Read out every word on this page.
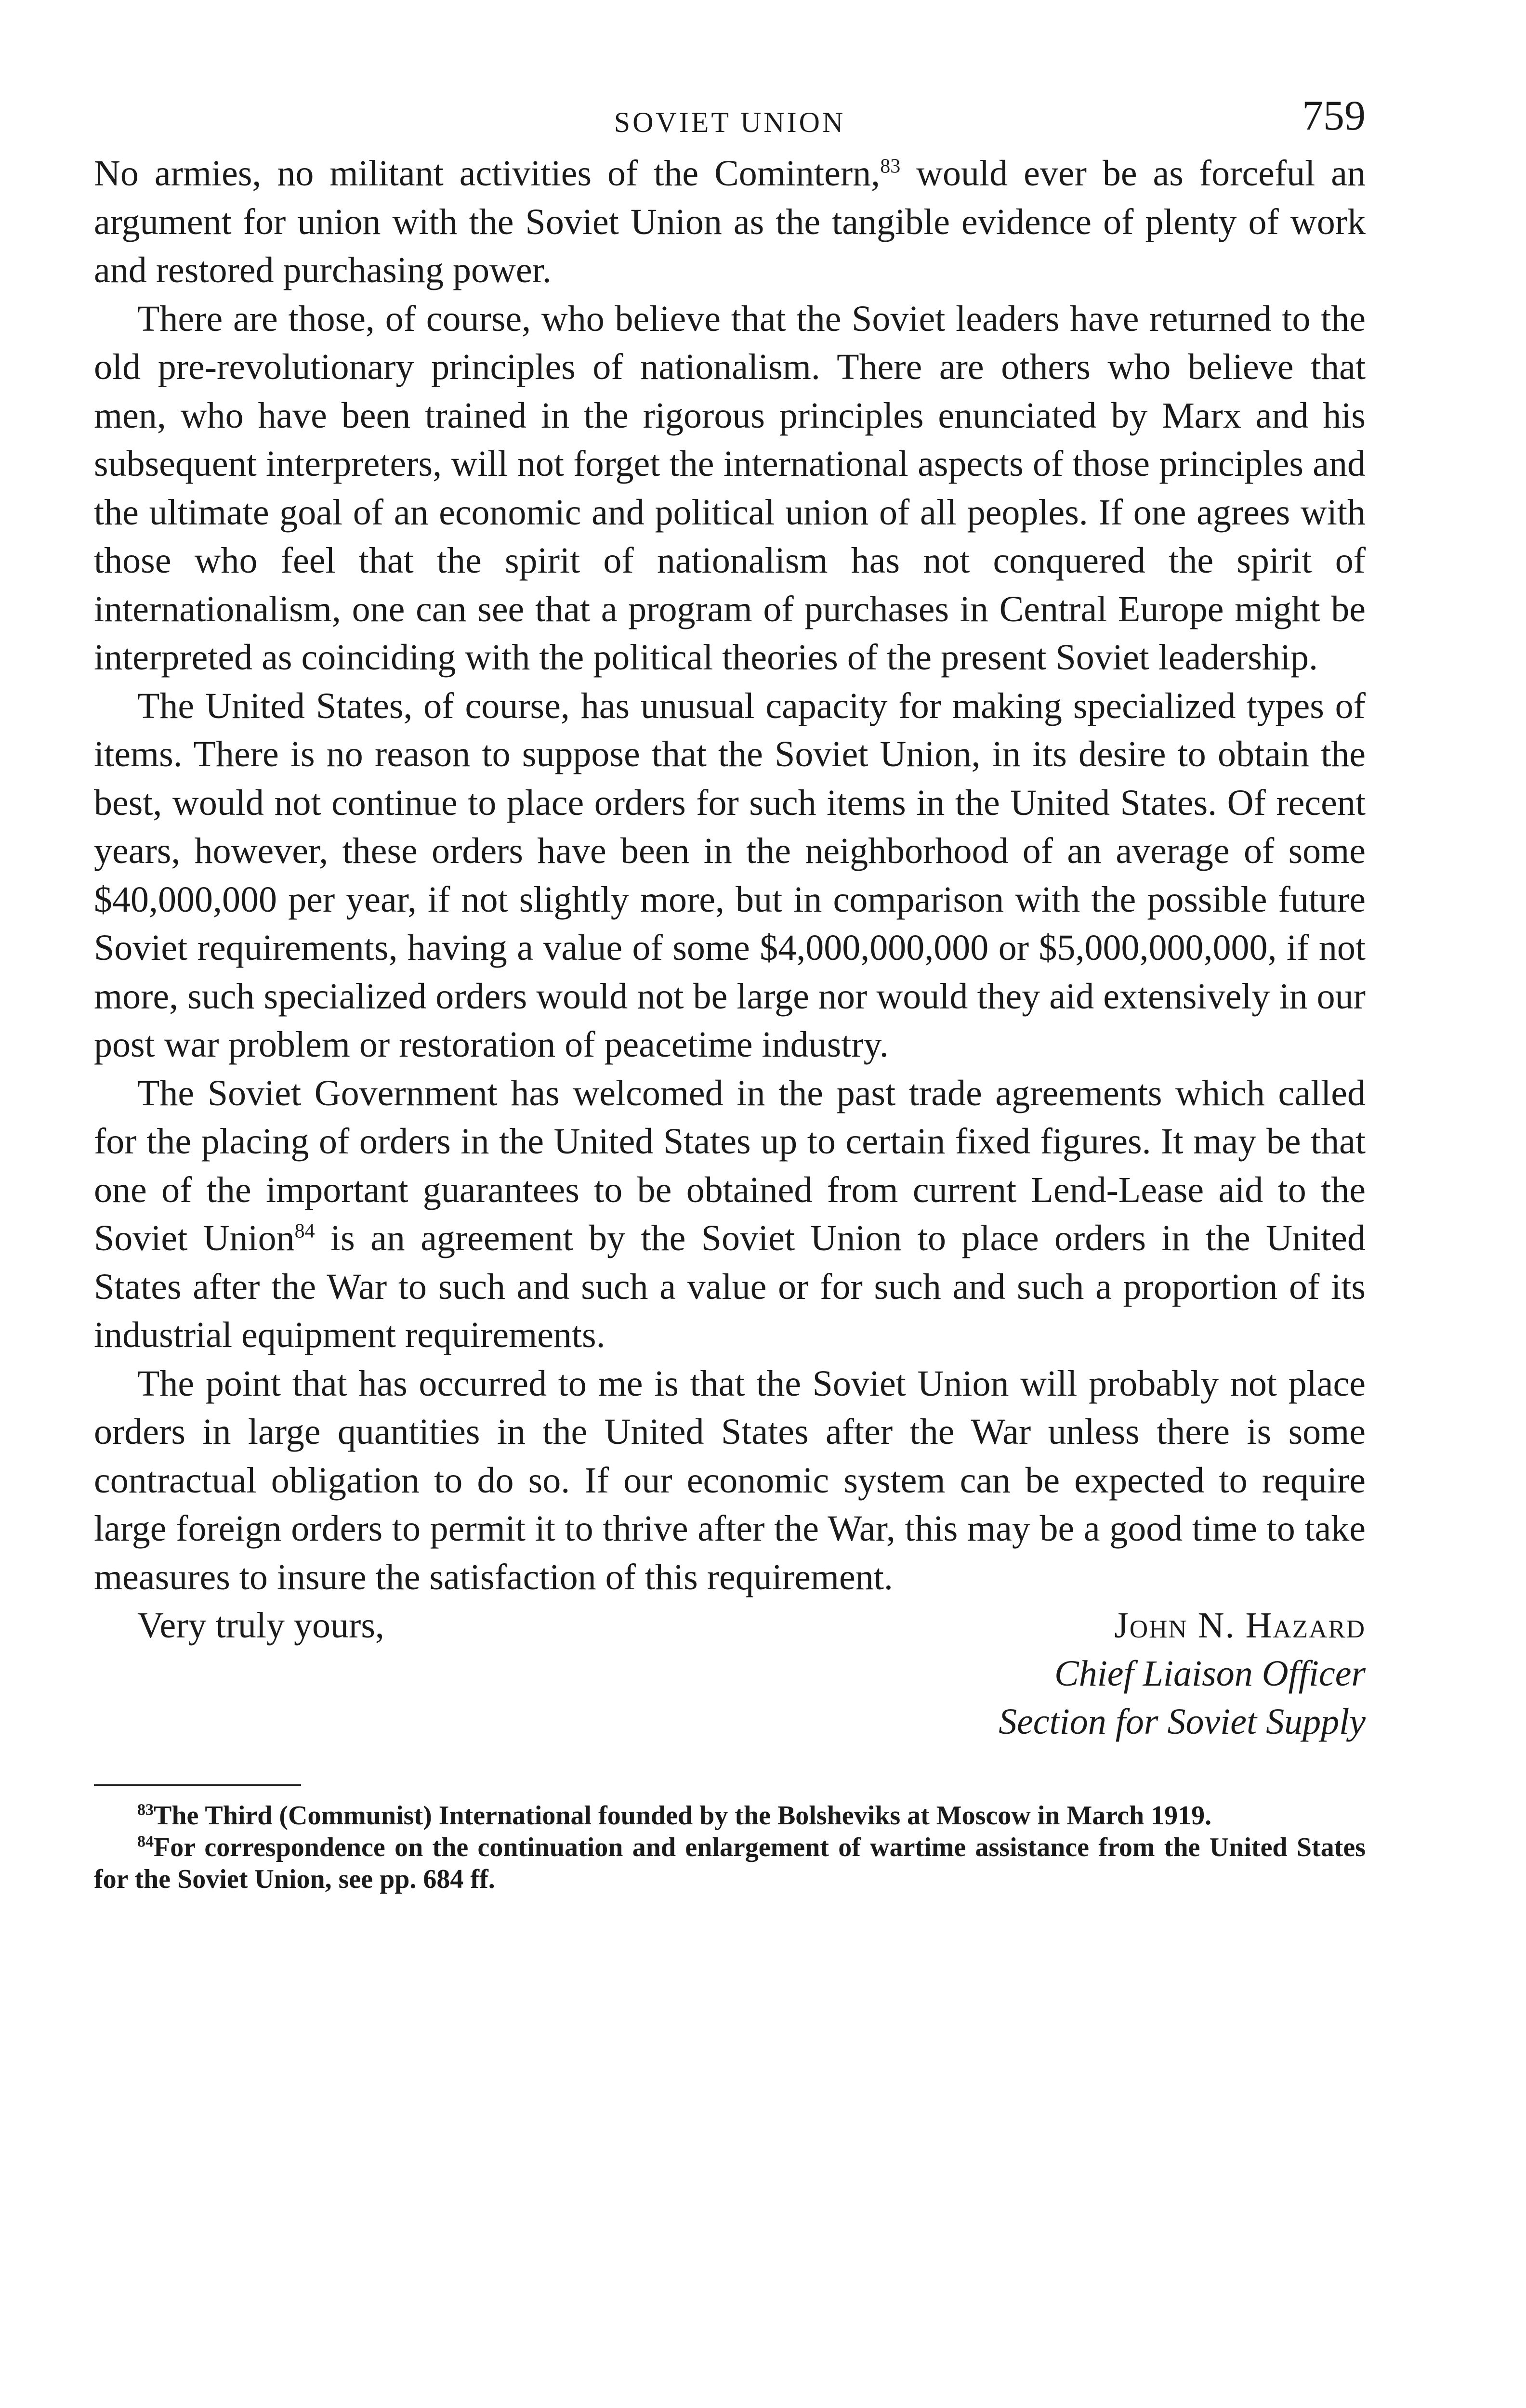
SOVIET UNION	759

No armies, no militant activities of the Comintern,$^{83}$ would ever be as forceful an argument for union with the Soviet Union as the tangible evidence of plenty of work and restored purchasing power.

There are those, of course, who believe that the Soviet leaders have returned to the old pre-revolutionary principles of nationalism. There are others who believe that men, who have been trained in the rigorous principles enunciated by Marx and his subsequent interpreters, will not forget the international aspects of those principles and the ultimate goal of an economic and political union of all peoples. If one agrees with those who feel that the spirit of nationalism has not conquered the spirit of internationalism, one can see that a program of purchases in Central Europe might be interpreted as coinciding with the political theories of the present Soviet leadership.

The United States, of course, has unusual capacity for making specialized types of items. There is no reason to suppose that the Soviet Union, in its desire to obtain the best, would not continue to place orders for such items in the United States. Of recent years, however, these orders have been in the neighborhood of an average of some $40,000,000 per year, if not slightly more, but in comparison with the possible future Soviet requirements, having a value of some $4,000,000,000 or $5,000,000,000, if not more, such specialized orders would not be large nor would they aid extensively in our post war problem or restoration of peacetime industry.

The Soviet Government has welcomed in the past trade agreements which called for the placing of orders in the United States up to certain fixed figures. It may be that one of the important guarantees to be obtained from current Lend-Lease aid to the Soviet Union$^{84}$ is an agreement by the Soviet Union to place orders in the United States after the War to such and such a value or for such and such a proportion of its industrial equipment requirements.

The point that has occurred to me is that the Soviet Union will probably not place orders in large quantities in the United States after the War unless there is some contractual obligation to do so. If our economic system can be expected to require large foreign orders to permit it to thrive after the War, this may be a good time to take measures to insure the satisfaction of this requirement.

Very truly yours,	John N. Hazard
Chief Liaison Officer
Section for Soviet Supply

$^{83}$The Third (Communist) International founded by the Bolsheviks at Moscow in March 1919.

$^{84}$For correspondence on the continuation and enlargement of wartime assistance from the United States for the Soviet Union, see pp. 684 ff.
